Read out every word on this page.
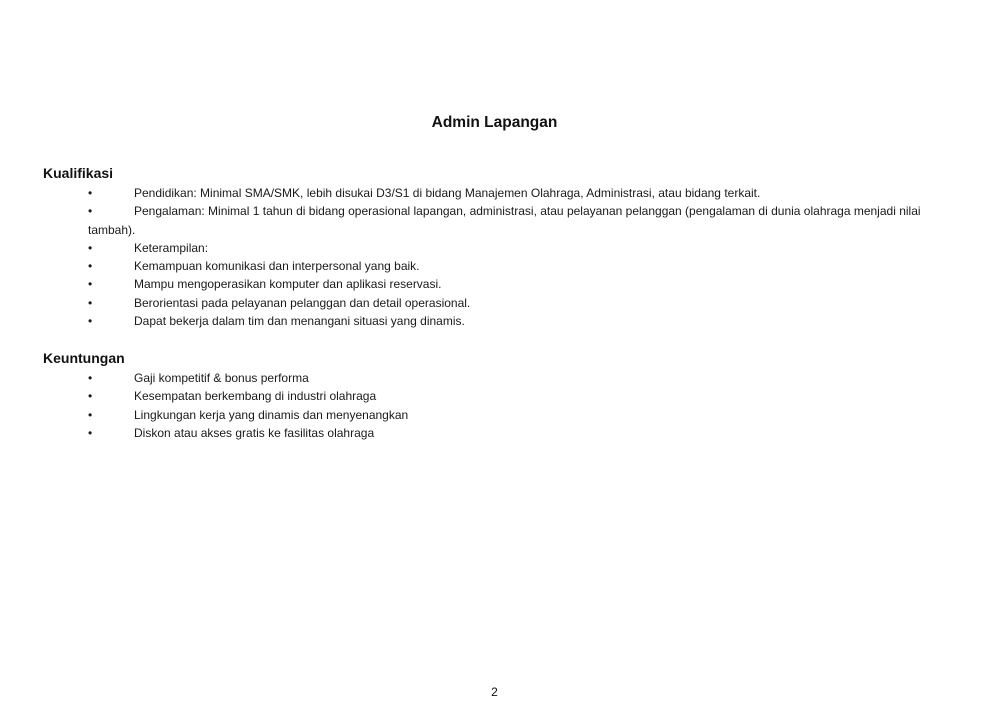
Admin Lapangan
Kualifikasi
•	Pendidikan: Minimal SMA/SMK, lebih disukai D3/S1 di bidang Manajemen Olahraga, Administrasi, atau bidang terkait.
•	Pengalaman: Minimal 1 tahun di bidang operasional lapangan, administrasi, atau pelayanan pelanggan (pengalaman di dunia olahraga menjadi nilai tambah).
•	Keterampilan:
•	Kemampuan komunikasi dan interpersonal yang baik.
•	Mampu mengoperasikan komputer dan aplikasi reservasi.
•	Berorientasi pada pelayanan pelanggan dan detail operasional.
•	Dapat bekerja dalam tim dan menangani situasi yang dinamis.
Keuntungan
•	Gaji kompetitif & bonus performa
•	Kesempatan berkembang di industri olahraga
•	Lingkungan kerja yang dinamis dan menyenangkan
•	Diskon atau akses gratis ke fasilitas olahraga
2
